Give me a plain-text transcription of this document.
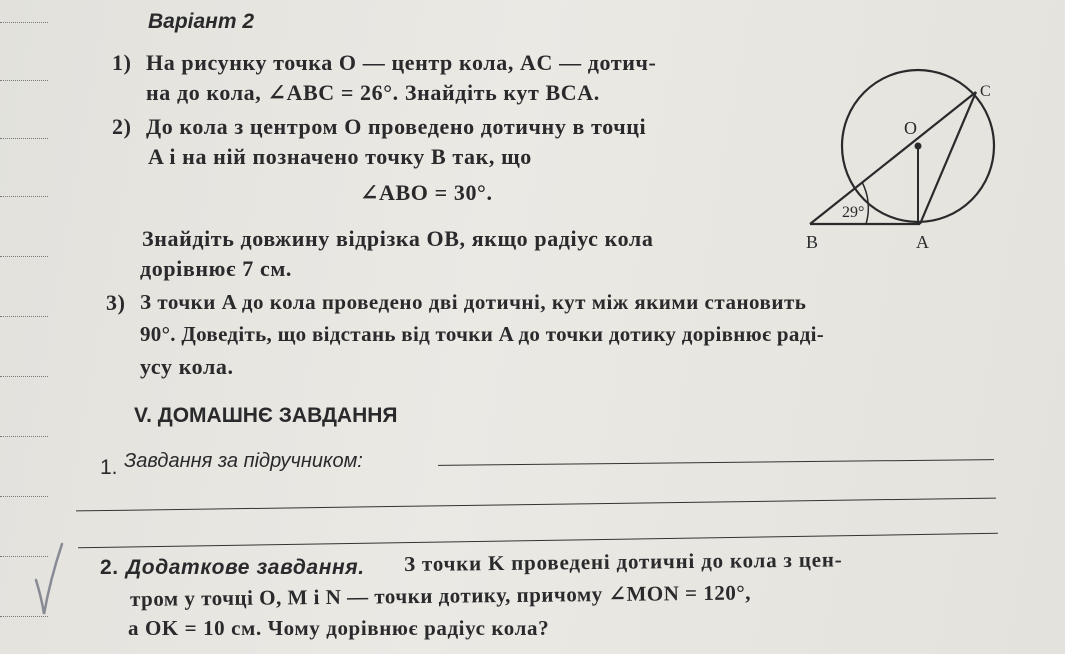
Варіант 2
1) На рисунку точка O — центр кола, AC — дотич-
на до кола, ∠ABC = 26°. Знайдіть кут BCA.
2) До кола з центром O проведено дотичну в точці
A і на ній позначено точку B так, що
∠ABO = 30°.
Знайдіть довжину відрізка OB, якщо радіус кола
дорівнює 7 см.
3) З точки A до кола проведено дві дотичні, кут між якими становить
90°. Доведіть, що відстань від точки A до точки дотику дорівнює раді-
усу кола.
V. ДОМАШНЄ ЗАВДАННЯ
1. Завдання за підручником:
2. Додаткове завдання. З точки K проведені дотичні до кола з цен-
тром у точці O, M і N — точки дотику, причому ∠MON = 120°,
а OK = 10 см. Чому дорівнює радіус кола?
C
O
29°
B	A
